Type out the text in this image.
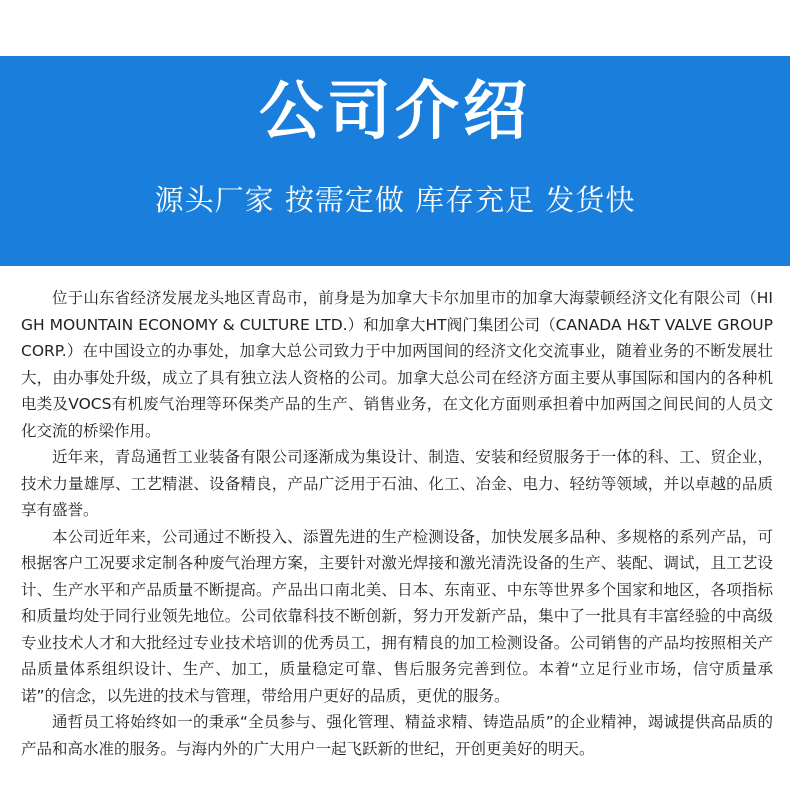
公司介绍

源头厂家 按需定做 库存充足 发货快

位于山东省经济发展龙头地区青岛市，前身是为加拿大卡尔加里市的加拿大海蒙顿经济文化有限公司（HIGH MOUNTAIN ECONOMY & CULTURE LTD.）和加拿大HT阀门集团公司（CANADA H&T VALVE GROUP CORP.）在中国设立的办事处，加拿大总公司致力于中加两国间的经济文化交流事业，随着业务的不断发展壮大，由办事处升级，成立了具有独立法人资格的公司。加拿大总公司在经济方面主要从事国际和国内的各种机电类及VOCS有机废气治理等环保类产品的生产、销售业务，在文化方面则承担着中加两国之间民间的人员文化交流的桥梁作用。

近年来，青岛通哲工业装备有限公司逐渐成为集设计、制造、安装和经贸服务于一体的科、工、贸企业，技术力量雄厚、工艺精湛、设备精良，产品广泛用于石油、化工、冶金、电力、轻纺等领域，并以卓越的品质享有盛誉。

本公司近年来，公司通过不断投入、添置先进的生产检测设备，加快发展多品种、多规格的系列产品，可根据客户工况要求定制各种废气治理方案，主要针对激光焊接和激光清洗设备的生产、装配、调试，且工艺设计、生产水平和产品质量不断提高。产品出口南北美、日本、东南亚、中东等世界多个国家和地区，各项指标和质量均处于同行业领先地位。公司依靠科技不断创新，努力开发新产品，集中了一批具有丰富经验的中高级专业技术人才和大批经过专业技术培训的优秀员工，拥有精良的加工检测设备。公司销售的产品均按照相关产品质量体系组织设计、生产、加工，质量稳定可靠、售后服务完善到位。本着“立足行业市场，信守质量承诺”的信念，以先进的技术与管理，带给用户更好的品质，更优的服务。

通哲员工将始终如一的秉承“全员参与、强化管理、精益求精、铸造品质”的企业精神，竭诚提供高品质的产品和高水准的服务。与海内外的广大用户一起飞跃新的世纪，开创更美好的明天。
